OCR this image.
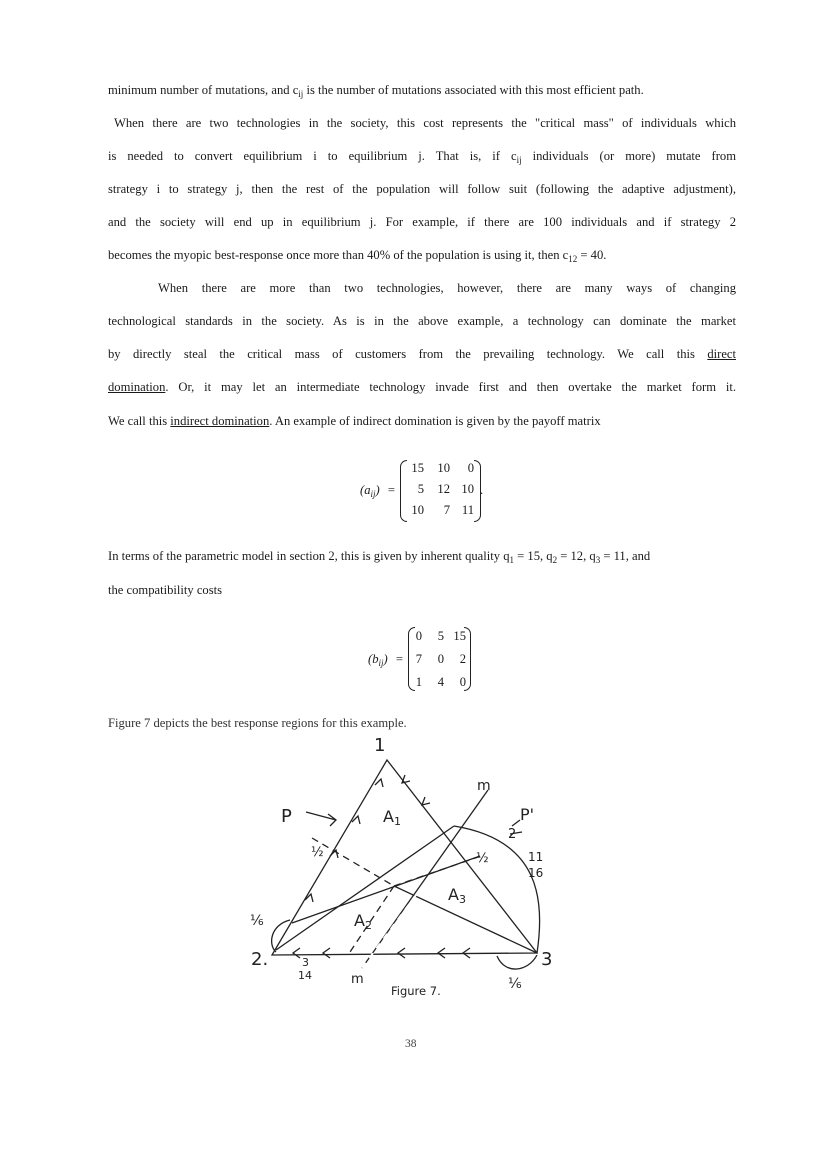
minimum number of mutations, and $c_{ij}$ is the number of mutations associated with this most efficient path.
When there are two technologies in the society, this cost represents the "critical mass" of individuals which
is needed to convert equilibrium i to equilibrium j. That is, if $c_{ij}$ individuals (or more) mutate from
strategy i to strategy j, then the rest of the population will follow suit (following the adaptive adjustment),
and the society will end up in equilibrium j. For example, if there are 100 individuals and if strategy 2
becomes the myopic best-response once more than 40% of the population is using it, then $c_{12} = 40$.
When there are more than two technologies, however, there are many ways of changing
technological standards in the society. As is in the above example, a technology can dominate the market
by directly steal the critical mass of customers from the prevailing technology. We call this direct
domination. Or, it may let an intermediate technology invade first and then overtake the market form it.
We call this indirect domination. An example of indirect domination is given by the payoff matrix
$(a_{ij})$ =
15	10	0
5	12 10
10	7 11
.
In terms of the parametric model in section 2, this is given by inherent quality $q_1 = 15$, $q_2 = 12$, $q_3 = 11$, and
the compatibility costs
$(b_{ij})$ =
0	5 15
7	0	2
1	4	0
Figure 7 depicts the best response regions for this example.
1
2.	3
P	P'
m
m
A1
A2
A3
½	½
⅙
⅙
11
16
3
14
2
Figure 7.
38
